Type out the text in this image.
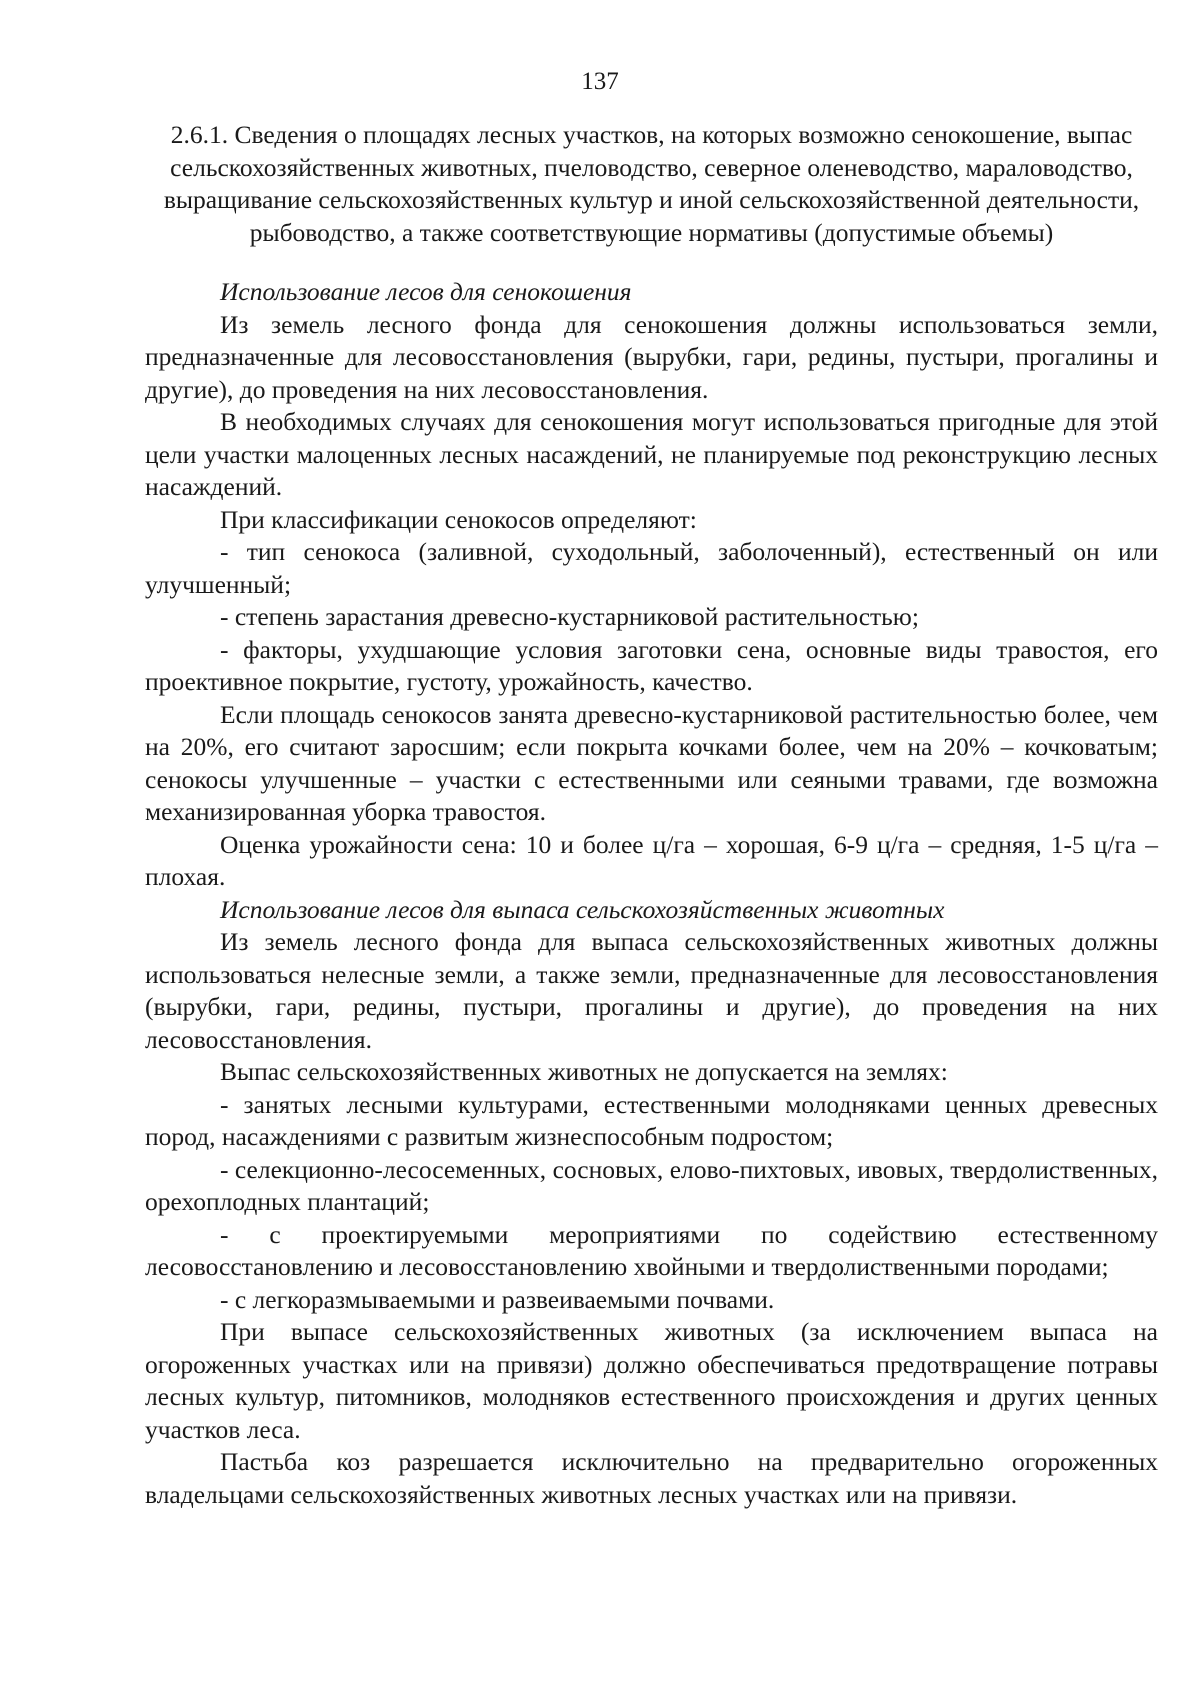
137
2.6.1. Сведения о площадях лесных участков, на которых возможно сенокошение, выпас сельскохозяйственных животных, пчеловодство, северное оленеводство, мараловодство, выращивание сельскохозяйственных культур и иной сельскохозяйственной деятельности, рыбоводство, а также соответствующие нормативы (допустимые объемы)

Использование лесов для сенокошения

Из земель лесного фонда для сенокошения должны использоваться земли, предназначенные для лесовосстановления (вырубки, гари, редины, пустыри, прогалины и другие), до проведения на них лесовосстановления.

В необходимых случаях для сенокошения могут использоваться пригодные для этой цели участки малоценных лесных насаждений, не планируемые под реконструкцию лесных насаждений.

При классификации сенокосов определяют:

- тип сенокоса (заливной, суходольный, заболоченный), естественный он или улучшенный;

- степень зарастания древесно-кустарниковой растительностью;

- факторы, ухудшающие условия заготовки сена, основные виды травостоя, его проективное покрытие, густоту, урожайность, качество.

Если площадь сенокосов занята древесно-кустарниковой растительностью более, чем на 20%, его считают заросшим; если покрыта кочками более, чем на 20% – кочковатым; сенокосы улучшенные – участки с естественными или сеяными травами, где возможна механизированная уборка травостоя.

Оценка урожайности сена: 10 и более ц/га – хорошая, 6-9 ц/га – средняя, 1-5 ц/га – плохая.

Использование лесов для выпаса сельскохозяйственных животных

Из земель лесного фонда для выпаса сельскохозяйственных животных должны использоваться нелесные земли, а также земли, предназначенные для лесовосстановления (вырубки, гари, редины, пустыри, прогалины и другие), до проведения на них лесовосстановления.

Выпас сельскохозяйственных животных не допускается на землях:

- занятых лесными культурами, естественными молодняками ценных древесных пород, насаждениями с развитым жизнеспособным подростом;

- селекционно-лесосеменных, сосновых, елово-пихтовых, ивовых, твердолиственных, орехоплодных плантаций;

- с проектируемыми мероприятиями по содействию естественному лесовосстановлению и лесовосстановлению хвойными и твердолиственными породами;

- с легкоразмываемыми и развеиваемыми почвами.

При выпасе сельскохозяйственных животных (за исключением выпаса на огороженных участках или на привязи) должно обеспечиваться предотвращение потравы лесных культур, питомников, молодняков естественного происхождения и других ценных участков леса.

Пастьба коз разрешается исключительно на предварительно огороженных владельцами сельскохозяйственных животных лесных участках или на привязи.
